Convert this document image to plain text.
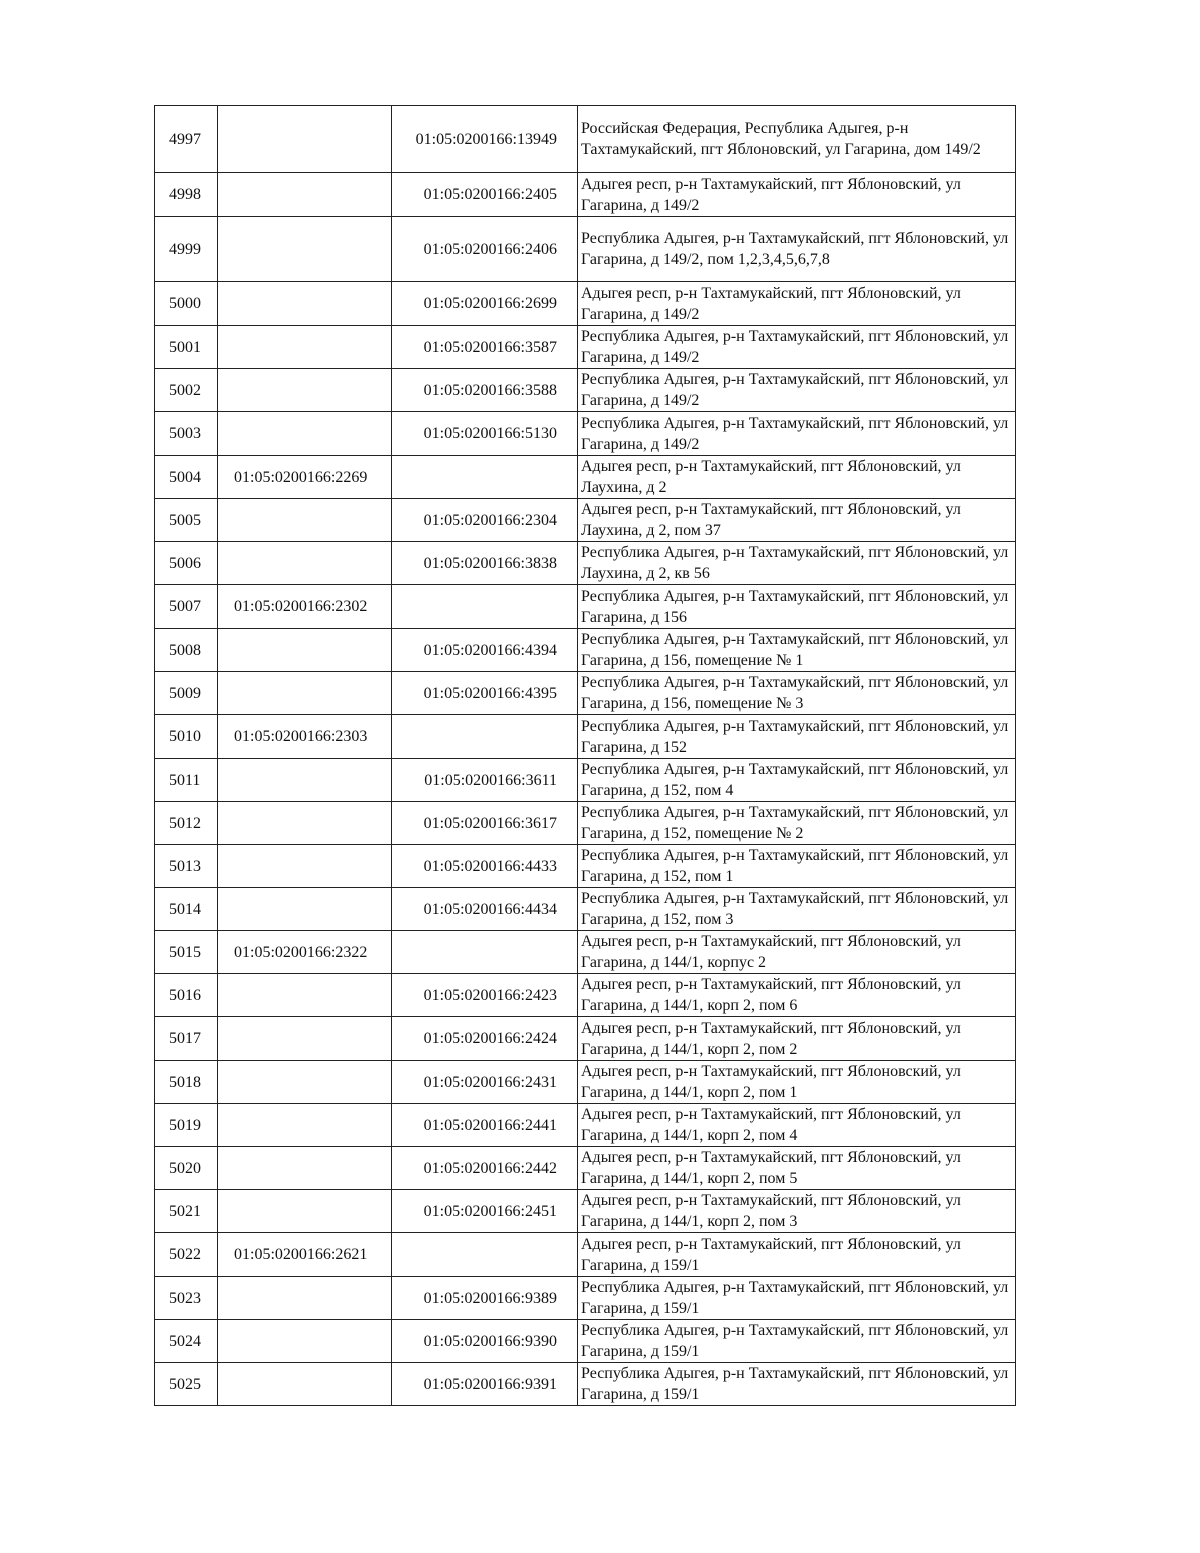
4997		01:05:0200166:13949	Российская Федерация, Республика Адыгея, р-н Тахтамукайский, пгт Яблоновский, ул Гагарина, дом 149/2
4998		01:05:0200166:2405	Адыгея респ, р-н Тахтамукайский, пгт Яблоновский, ул Гагарина, д 149/2
4999		01:05:0200166:2406	Республика Адыгея, р-н Тахтамукайский, пгт Яблоновский, ул Гагарина, д 149/2, пом 1,2,3,4,5,6,7,8
5000		01:05:0200166:2699	Адыгея респ, р-н Тахтамукайский, пгт Яблоновский, ул Гагарина, д 149/2
5001		01:05:0200166:3587	Республика Адыгея, р-н Тахтамукайский, пгт Яблоновский, ул Гагарина, д 149/2
5002		01:05:0200166:3588	Республика Адыгея, р-н Тахтамукайский, пгт Яблоновский, ул Гагарина, д 149/2
5003		01:05:0200166:5130	Республика Адыгея, р-н Тахтамукайский, пгт Яблоновский, ул Гагарина, д 149/2
5004	01:05:0200166:2269		Адыгея респ, р-н Тахтамукайский, пгт Яблоновский, ул Лаухина, д 2
5005		01:05:0200166:2304	Адыгея респ, р-н Тахтамукайский, пгт Яблоновский, ул Лаухина, д 2, пом 37
5006		01:05:0200166:3838	Республика Адыгея, р-н Тахтамукайский, пгт Яблоновский, ул Лаухина, д 2, кв 56
5007	01:05:0200166:2302		Республика Адыгея, р-н Тахтамукайский, пгт Яблоновский, ул Гагарина, д 156
5008		01:05:0200166:4394	Республика Адыгея, р-н Тахтамукайский, пгт Яблоновский, ул Гагарина, д 156, помещение № 1
5009		01:05:0200166:4395	Республика Адыгея, р-н Тахтамукайский, пгт Яблоновский, ул Гагарина, д 156, помещение № 3
5010	01:05:0200166:2303		Республика Адыгея, р-н Тахтамукайский, пгт Яблоновский, ул Гагарина, д 152
5011		01:05:0200166:3611	Республика Адыгея, р-н Тахтамукайский, пгт Яблоновский, ул Гагарина, д 152, пом 4
5012		01:05:0200166:3617	Республика Адыгея, р-н Тахтамукайский, пгт Яблоновский, ул Гагарина, д 152, помещение № 2
5013		01:05:0200166:4433	Республика Адыгея, р-н Тахтамукайский, пгт Яблоновский, ул Гагарина, д 152, пом 1
5014		01:05:0200166:4434	Республика Адыгея, р-н Тахтамукайский, пгт Яблоновский, ул Гагарина, д 152, пом 3
5015	01:05:0200166:2322		Адыгея респ, р-н Тахтамукайский, пгт Яблоновский, ул Гагарина, д 144/1, корпус 2
5016		01:05:0200166:2423	Адыгея респ, р-н Тахтамукайский, пгт Яблоновский, ул Гагарина, д 144/1, корп 2, пом 6
5017		01:05:0200166:2424	Адыгея респ, р-н Тахтамукайский, пгт Яблоновский, ул Гагарина, д 144/1, корп 2, пом 2
5018		01:05:0200166:2431	Адыгея респ, р-н Тахтамукайский, пгт Яблоновский, ул Гагарина, д 144/1, корп 2, пом 1
5019		01:05:0200166:2441	Адыгея респ, р-н Тахтамукайский, пгт Яблоновский, ул Гагарина, д 144/1, корп 2, пом 4
5020		01:05:0200166:2442	Адыгея респ, р-н Тахтамукайский, пгт Яблоновский, ул Гагарина, д 144/1, корп 2, пом 5
5021		01:05:0200166:2451	Адыгея респ, р-н Тахтамукайский, пгт Яблоновский, ул Гагарина, д 144/1, корп 2, пом 3
5022	01:05:0200166:2621		Адыгея респ, р-н Тахтамукайский, пгт Яблоновский, ул Гагарина, д 159/1
5023		01:05:0200166:9389	Республика Адыгея, р-н Тахтамукайский, пгт Яблоновский, ул Гагарина, д 159/1
5024		01:05:0200166:9390	Республика Адыгея, р-н Тахтамукайский, пгт Яблоновский, ул Гагарина, д 159/1
5025		01:05:0200166:9391	Республика Адыгея, р-н Тахтамукайский, пгт Яблоновский, ул Гагарина, д 159/1
